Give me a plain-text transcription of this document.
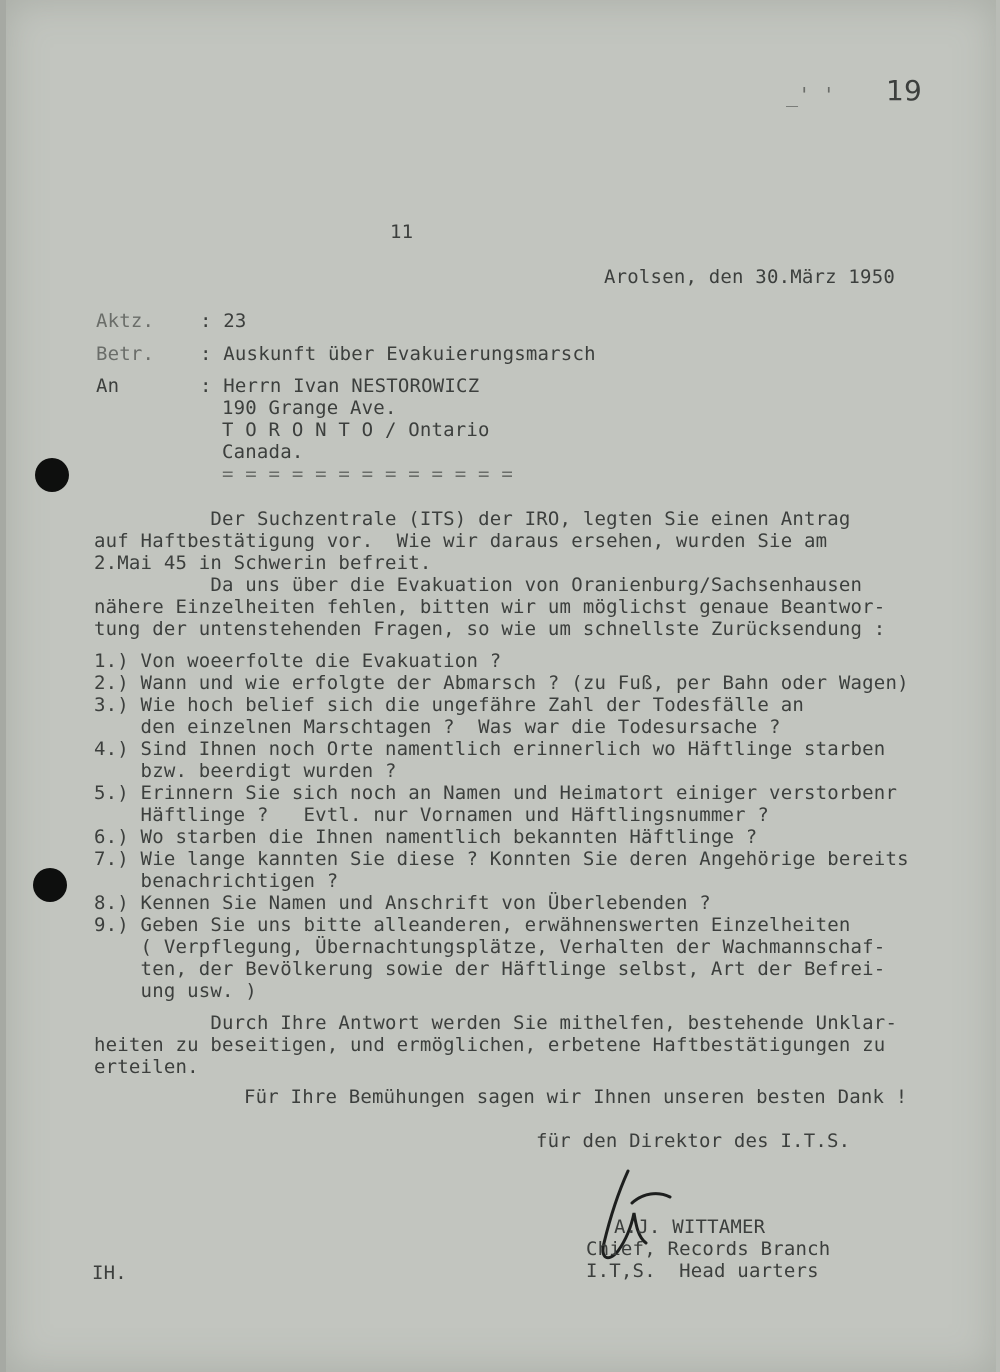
_' ' 19
11
Arolsen, den 30.März 1950
Aktz. : 23
Betr. : Auskunft über Evakuierungsmarsch
An	: Herrn Ivan NESTOROWICZ
190 Grange Ave.
T O R O N T O / Ontario
Canada.
= = = = = = = = = = = = =
Der Suchzentrale (ITS) der IRO, legten Sie einen Antrag
auf Haftbestätigung vor.  Wie wir daraus ersehen, wurden Sie am
2.Mai 45 in Schwerin befreit.
Da uns über die Evakuation von Oranienburg/Sachsenhausen
nähere Einzelheiten fehlen, bitten wir um möglichst genaue Beantwor-
tung der untenstehenden Fragen, so wie um schnellste Zurücksendung :
1.) Von woeerfolte die Evakuation ?
2.) Wann und wie erfolgte der Abmarsch ? (zu Fuß, per Bahn oder Wagen)
3.) Wie hoch belief sich die ungefähre Zahl der Todesfälle an
den einzelnen Marschtagen ?  Was war die Todesursache ?
4.) Sind Ihnen noch Orte namentlich erinnerlich wo Häftlinge starben
bzw. beerdigt wurden ?
5.) Erinnern Sie sich noch an Namen und Heimatort einiger verstorbenr
Häftlinge ?   Evtl. nur Vornamen und Häftlingsnummer ?
6.) Wo starben die Ihnen namentlich bekannten Häftlinge ?
7.) Wie lange kannten Sie diese ? Konnten Sie deren Angehörige bereits
benachrichtigen ?
8.) Kennen Sie Namen und Anschrift von Überlebenden ?
9.) Geben Sie uns bitte alleanderen, erwähnenswerten Einzelheiten
( Verpflegung, Übernachtungsplätze, Verhalten der Wachmannschaf-
ten, der Bevölkerung sowie der Häftlinge selbst, Art der Befrei-
ung usw. )
Durch Ihre Antwort werden Sie mithelfen, bestehende Unklar-
heiten zu beseitigen, und ermöglichen, erbetene Haftbestätigungen zu
erteilen.
Für Ihre Bemühungen sagen wir Ihnen unseren besten Dank !
für den Direktor des I.T.S.
A.J. WITTAMER
Chief, Records Branch
I.T,S.  Head uarters
IH.
